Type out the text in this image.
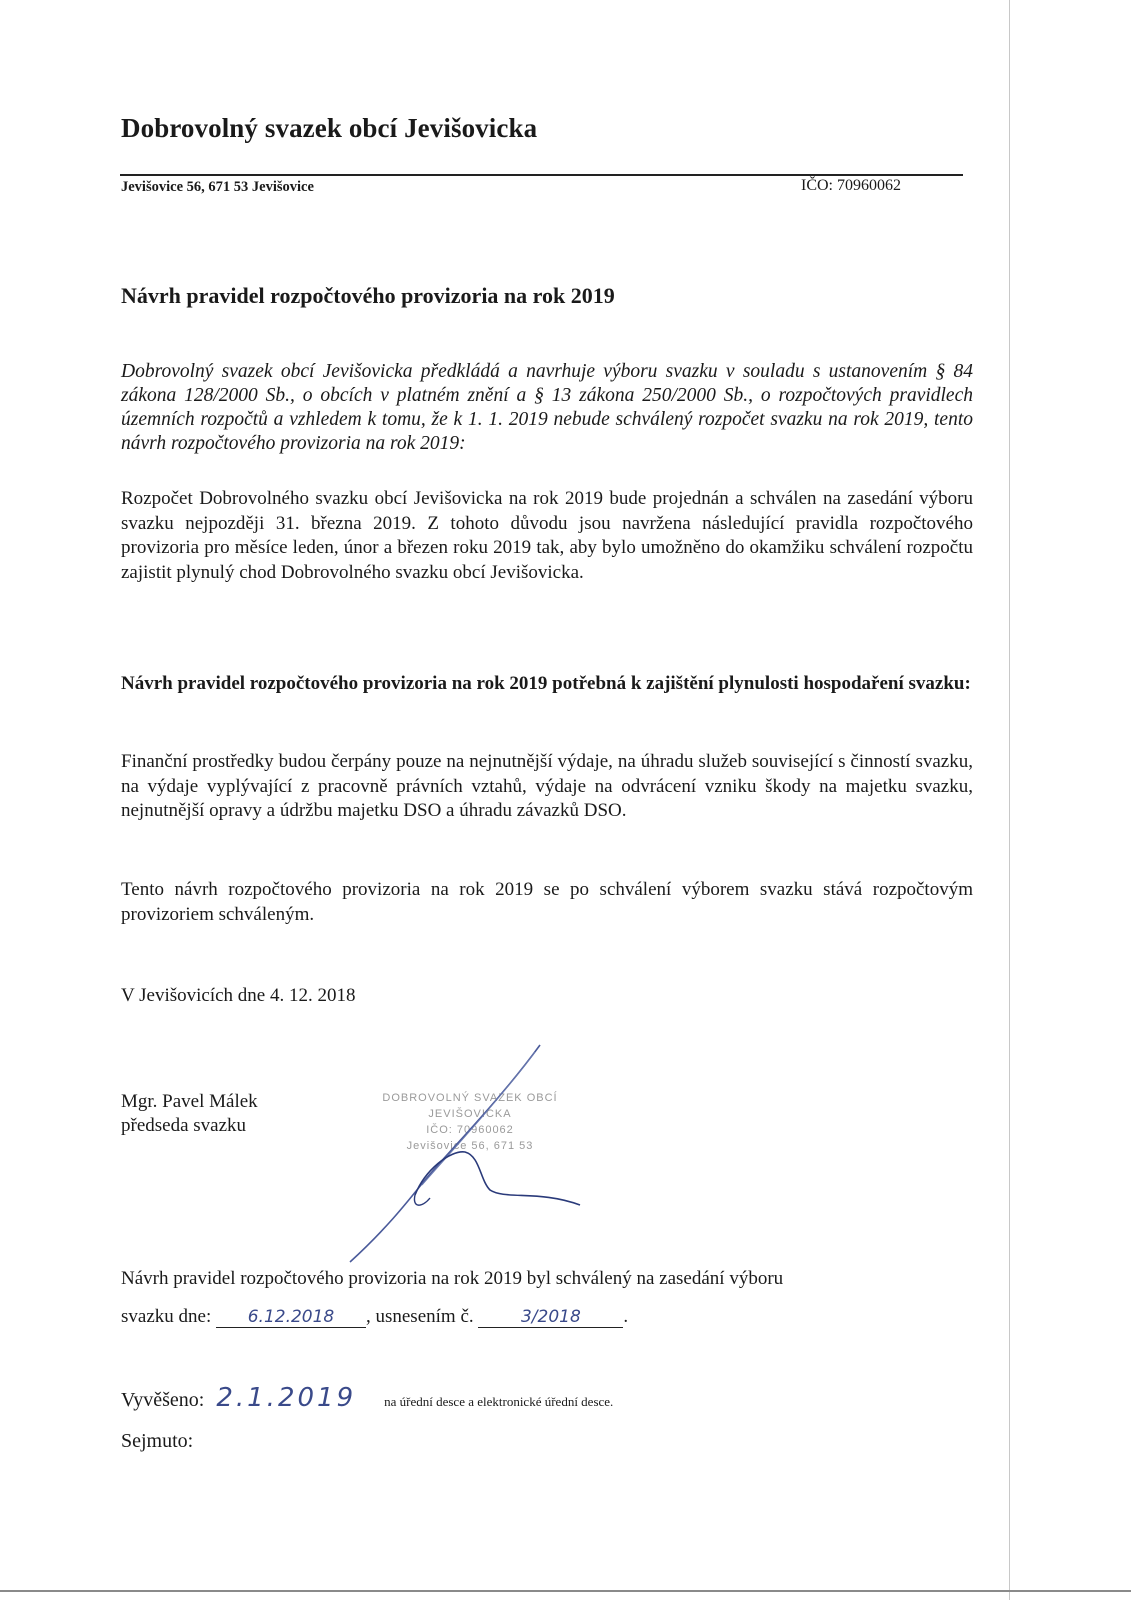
Dobrovolný svazek obcí Jevišovicka
Jevišovice 56, 671 53 Jevišovice	IČO: 70960062
Návrh pravidel rozpočtového provizoria na rok 2019
Dobrovolný svazek obcí Jevišovicka předkládá a navrhuje výboru svazku v souladu s ustanovením § 84 zákona 128/2000 Sb., o obcích v platném znění a § 13 zákona 250/2000 Sb., o rozpočtových pravidlech územních rozpočtů a vzhledem k tomu, že k 1. 1. 2019 nebude schválený rozpočet svazku na rok 2019, tento návrh rozpočtového provizoria na rok 2019:
Rozpočet Dobrovolného svazku obcí Jevišovicka na rok 2019 bude projednán a schválen na zasedání výboru svazku nejpozději 31. března 2019. Z tohoto důvodu jsou navržena následující pravidla rozpočtového provizoria pro měsíce leden, únor a březen roku 2019 tak, aby bylo umožněno do okamžiku schválení rozpočtu zajistit plynulý chod Dobrovolného svazku obcí Jevišovicka.
Návrh pravidel rozpočtového provizoria na rok 2019 potřebná k zajištění plynulosti hospodaření svazku:
Finanční prostředky budou čerpány pouze na nejnutnější výdaje, na úhradu služeb související s činností svazku, na výdaje vyplývající z pracovně právních vztahů, výdaje na odvrácení vzniku škody na majetku svazku, nejnutnější opravy a údržbu majetku DSO a úhradu závazků DSO.
Tento návrh rozpočtového provizoria na rok 2019 se po schválení výborem svazku stává rozpočtovým provizoriem schváleným.
V Jevišovicích dne 4. 12. 2018
Mgr. Pavel Málek
předseda svazku
DOBROVOLNÝ SVAZEK OBCÍ
JEVIŠOVICKA
IČO: 70960062
Jevišovice 56, 671 53
Návrh pravidel rozpočtového provizoria na rok 2019 byl schválený na zasedání výboru
svazku dne: 6.12.2018 , usnesením č.	3/2018 .
Vyvěšeno: 2.1.2019 na úřední desce a elektronické úřední desce.
Sejmuto:
